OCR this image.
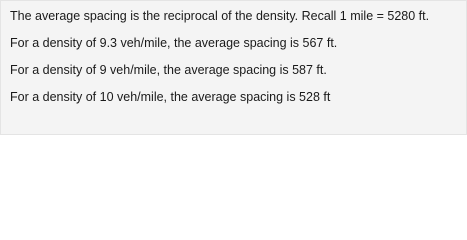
The average spacing is the reciprocal of the density. Recall 1 mile = 5280 ft.
For a density of 9.3 veh/mile, the average spacing is 567 ft.
For a density of 9 veh/mile, the average spacing is 587 ft.
For a density of 10 veh/mile, the average spacing is 528 ft
